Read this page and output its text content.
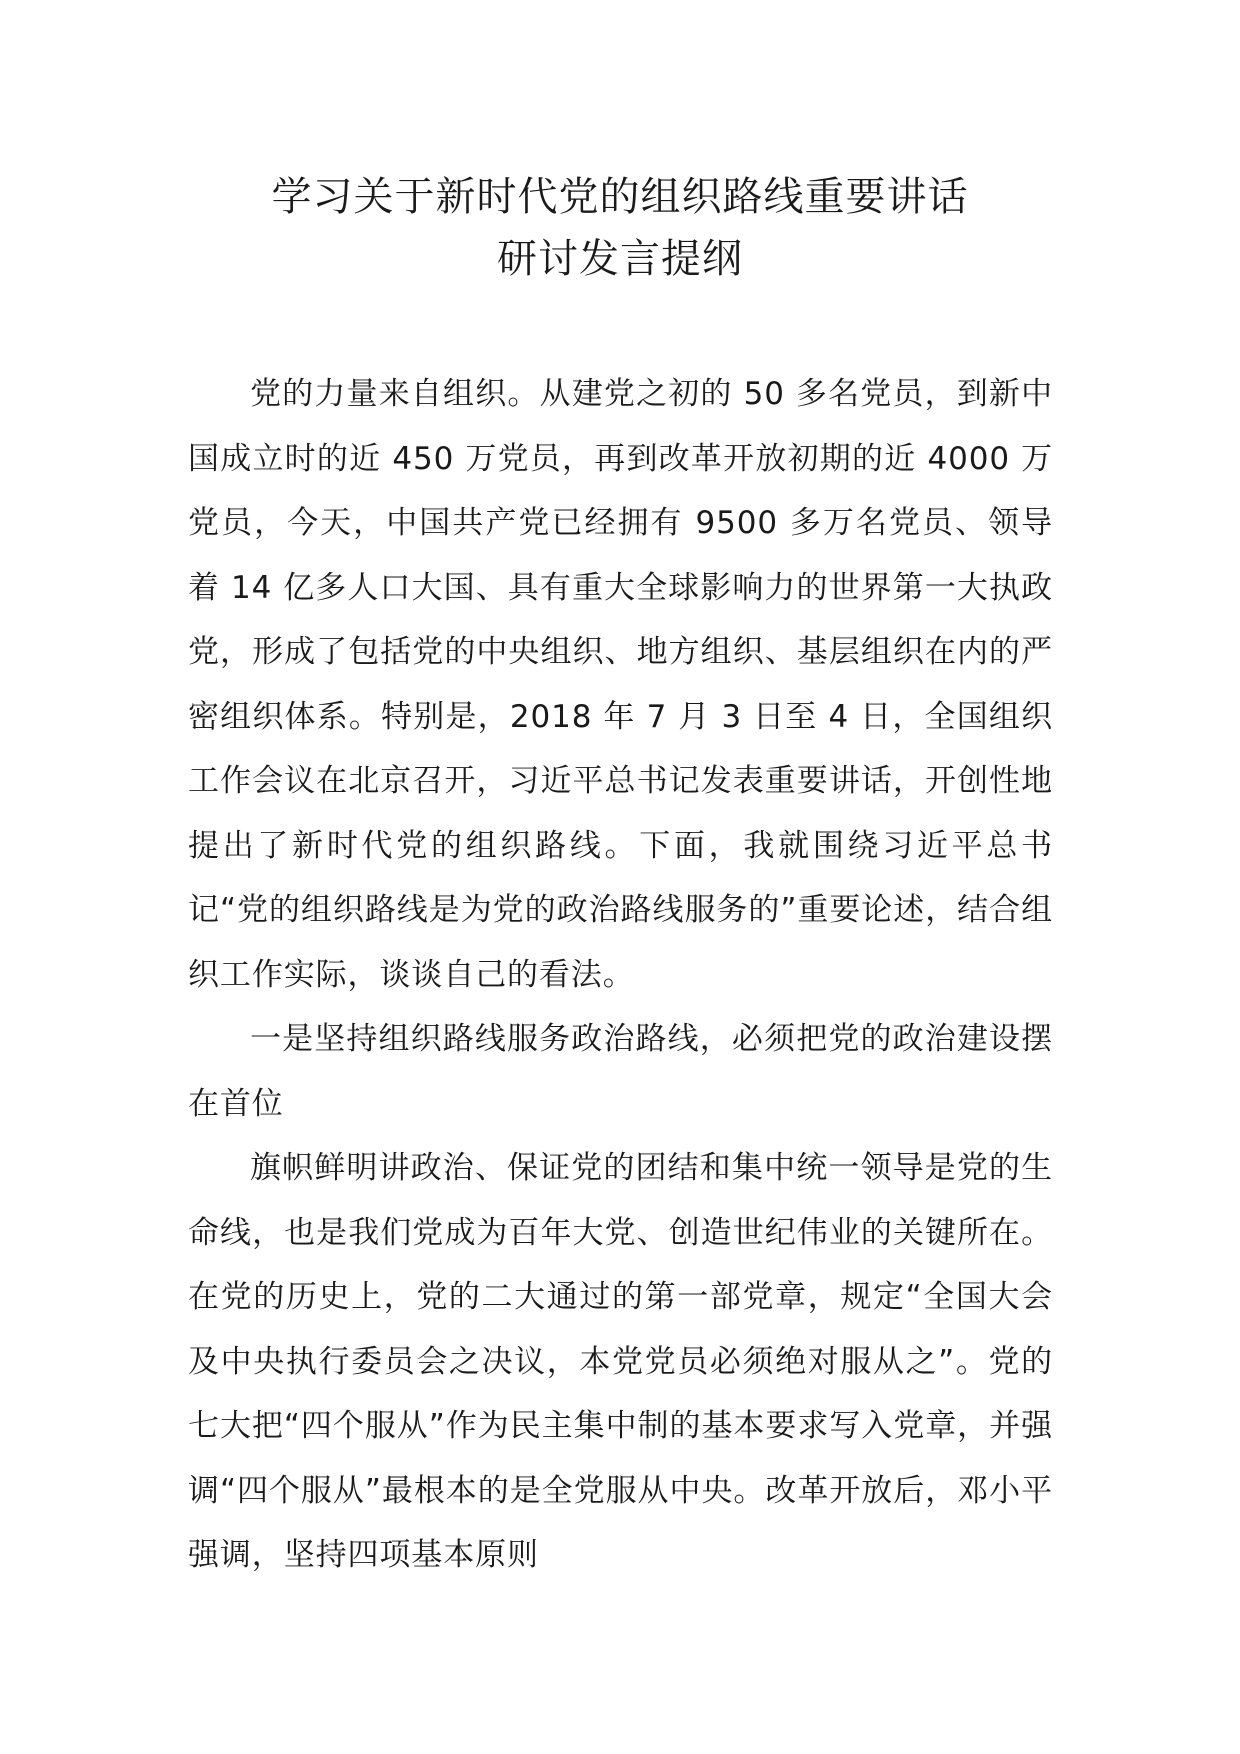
学习关于新时代党的组织路线重要讲话
研讨发言提纲

党的力量来自组织。从建党之初的 50 多名党员，到新中国成立时的近 450 万党员，再到改革开放初期的近 4000 万党员，今天，中国共产党已经拥有 9500 多万名党员、领导着 14 亿多人口大国、具有重大全球影响力的世界第一大执政党，形成了包括党的中央组织、地方组织、基层组织在内的严密组织体系。特别是，2018 年 7 月 3 日至 4 日，全国组织工作会议在北京召开，习近平总书记发表重要讲话，开创性地提出了新时代党的组织路线。下面，我就围绕习近平总书记“党的组织路线是为党的政治路线服务的”重要论述，结合组织工作实际，谈谈自己的看法。

一是坚持组织路线服务政治路线，必须把党的政治建设摆在首位

旗帜鲜明讲政治、保证党的团结和集中统一领导是党的生命线，也是我们党成为百年大党、创造世纪伟业的关键所在。在党的历史上，党的二大通过的第一部党章，规定“全国大会及中央执行委员会之决议，本党党员必须绝对服从之”。党的七大把“四个服从”作为民主集中制的基本要求写入党章，并强调“四个服从”最根本的是全党服从中央。改革开放后，邓小平强调，坚持四项基本原则
